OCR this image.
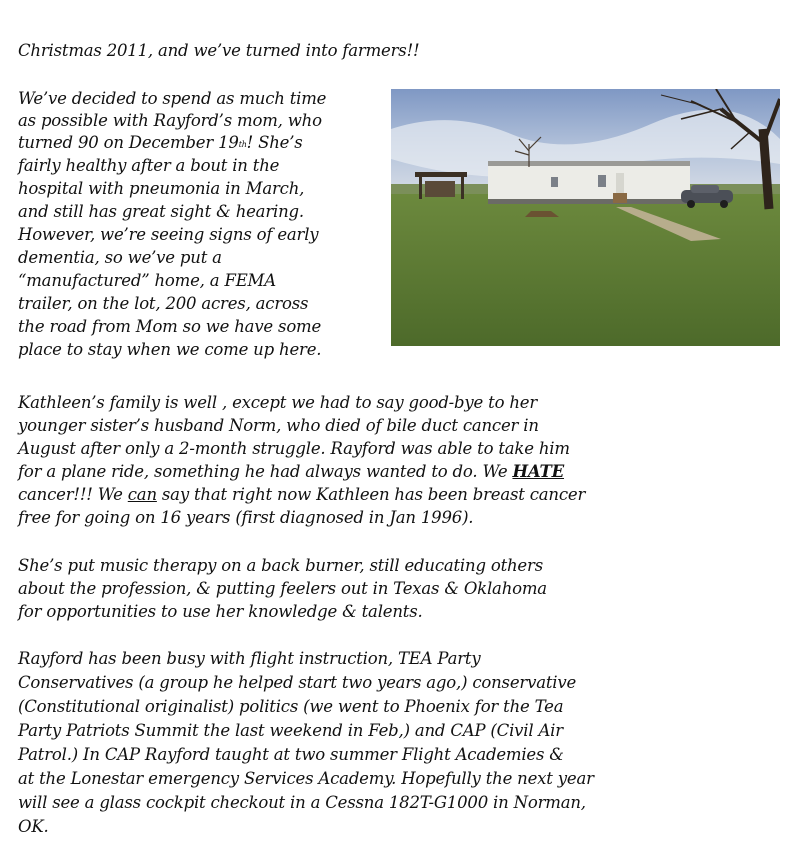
Christmas 2011, and we’ve turned into farmers!!
We’ve decided to spend as much time
as possible with Rayford’s mom, who
turned 90 on December 19th! She’s
fairly healthy after a bout in the
hospital with pneumonia in March,
and still has great sight & hearing.
However, we’re seeing signs of early
dementia, so we’ve put a
“manufactured” home, a FEMA
trailer, on the lot, 200 acres, across
the road from Mom so we have some
place to stay when we come up here.
Kathleen’s family is well , except we had to say good-bye to her
younger sister’s husband Norm, who died of bile duct cancer in
August after only a 2-month struggle. Rayford was able to take him
for a plane ride, something he had always wanted to do. We HATE
cancer!!! We can say that right now Kathleen has been breast cancer
free for going on 16 years (first diagnosed in Jan 1996).
She’s put music therapy on a back burner, still educating others
about the profession, & putting feelers out in Texas & Oklahoma
for opportunities to use her knowledge & talents.
Rayford has been busy with flight instruction, TEA Party
Conservatives (a group he helped start two years ago,) conservative
(Constitutional originalist) politics (we went to Phoenix for the Tea
Party Patriots Summit the last weekend in Feb,) and CAP (Civil Air
Patrol.) In CAP Rayford taught at two summer Flight Academies &
at the Lonestar emergency Services Academy. Hopefully the next year
will see a glass cockpit checkout in a Cessna 182T-G1000 in Norman,
OK.
